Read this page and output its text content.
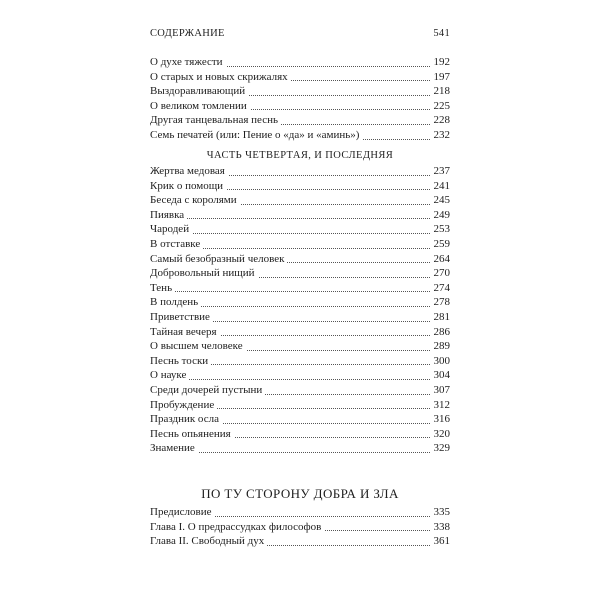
СОДЕРЖАНИЕ	541
О духе тяжести	192
О старых и новых скрижалях	197
Выздоравливающий	218
О великом томлении	225
Другая танцевальная песнь	228
Семь печатей (или: Пение о «да» и «аминь»)	232
ЧАСТЬ ЧЕТВЕРТАЯ, И ПОСЛЕДНЯЯ
Жертва медовая	237
Крик о помощи	241
Беседа с королями	245
Пиявка	249
Чародей	253
В отставке	259
Самый безобразный человек	264
Добровольный нищий	270
Тень	274
В полдень	278
Приветствие	281
Тайная вечеря	286
О высшем человеке	289
Песнь тоски	300
О науке	304
Среди дочерей пустыни	307
Пробуждение	312
Праздник осла	316
Песнь опьянения	320
Знамение	329
ПО ТУ СТОРОНУ ДОБРА И ЗЛА
Предисловие	335
Глава I. О предрассудках философов	338
Глава II. Свободный дух	361
